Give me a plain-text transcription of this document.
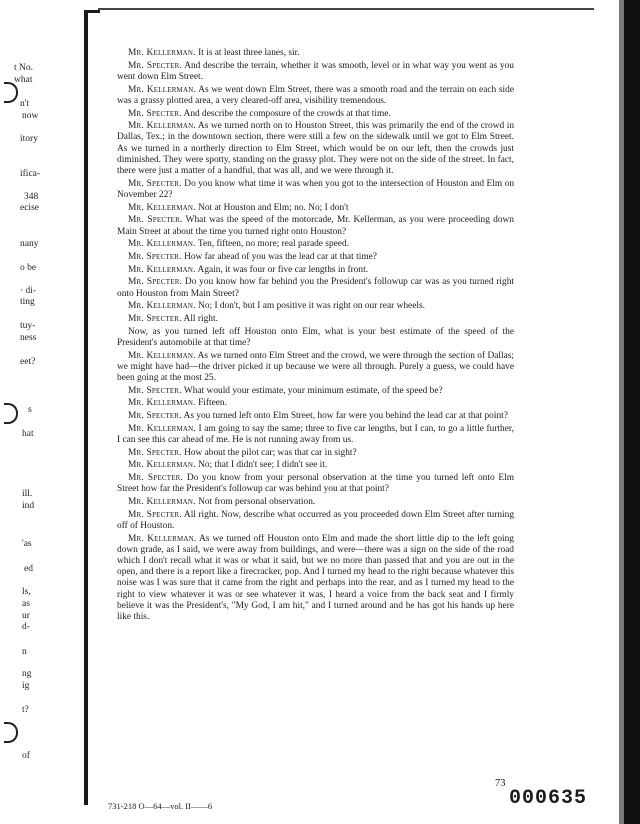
t No.
what
n't
now
itory
ifica-
348
ecise
nany
o be
· di-
ting
tuy-
ness
eet?
s
hat
ill.
ind
'as
ed
ls,
as
ur
d-
n
ng
ig
t?
of

Mr. Kellerman. It is at least three lanes, sir.

Mr. Specter. And describe the terrain, whether it was smooth, level or in what way you went as you went down Elm Street.

Mr. Kellerman. As we went down Elm Street, there was a smooth road and the terrain on each side was a grassy plotted area, a very cleared-off area, visibility tremendous.

Mr. Specter. And describe the composure of the crowds at that time.

Mr. Kellerman. As we turned north on to Houston Street, this was primarily the end of the crowd in Dallas, Tex.; in the downtown section, there were still a few on the sidewalk until we got to Elm Street. As we turned in a northerly direction to Elm Street, which would be on our left, then the crowds just diminished. They were spotty, standing on the grassy plot. They were not on the side of the street. In fact, there were just a matter of a handful, that was all, and we were through it.

Mr. Specter. Do you know what time it was when you got to the intersection of Houston and Elm on November 22?

Mr. Kellerman. Not at Houston and Elm; no. No; I don't

Mr. Specter. What was the speed of the motorcade, Mr. Kellerman, as you were proceeding down Main Street at about the time you turned right onto Houston?

Mr. Kellerman. Ten, fifteen, no more; real parade speed.

Mr. Specter. How far ahead of you was the lead car at that time?

Mr. Kellerman. Again, it was four or five car lengths in front.

Mr. Specter. Do you know how far behind you the President's followup car was as you turned right onto Houston from Main Street?

Mr. Kellerman. No; I don't, but I am positive it was right on our rear wheels.

Mr. Specter. All right.

Now, as you turned left off Houston onto Elm, what is your best estimate of the speed of the President's automobile at that time?

Mr. Kellerman. As we turned onto Elm Street and the crowd, we were through the section of Dallas; we might have had—the driver picked it up because we were all through. Purely a guess, we could have been going at the most 25.

Mr. Specter. What would your estimate, your minimum estimate, of the speed be?

Mr. Kellerman. Fifteen.

Mr. Specter. As you turned left onto Elm Street, how far were you behind the lead car at that point?

Mr. Kellerman. I am going to say the same; three to five car lengths, but I can, to go a little further, I can see this car ahead of me. He is not running away from us.

Mr. Specter. How about the pilot car; was that car in sight?

Mr. Kellerman. No; that I didn't see; I didn't see it.

Mr. Specter. Do you know from your personal observation at the time you turned left onto Elm Street how far the President's followup car was behind you at that point?

Mr. Kellerman. Not from personal observation.

Mr. Specter. All right. Now, describe what occurred as you proceeded down Elm Street after turning off of Houston.

Mr. Kellerman. As we turned off Houston onto Elm and made the short little dip to the left going down grade, as I said, we were away from buildings, and were—there was a sign on the side of the road which I don't recall what it was or what it said, but we no more than passed that and you are out in the open, and there is a report like a firecracker, pop. And I turned my head to the right because whatever this noise was I was sure that it came from the right and perhaps into the rear, and as I turned my head to the right to view whatever it was or see whatever it was, I heard a voice from the back seat and I firmly believe it was the President's, "My God, I am hit," and I turned around and he has got his hands up here like this.

73
000635
731-218 O—64—vol. II——6
